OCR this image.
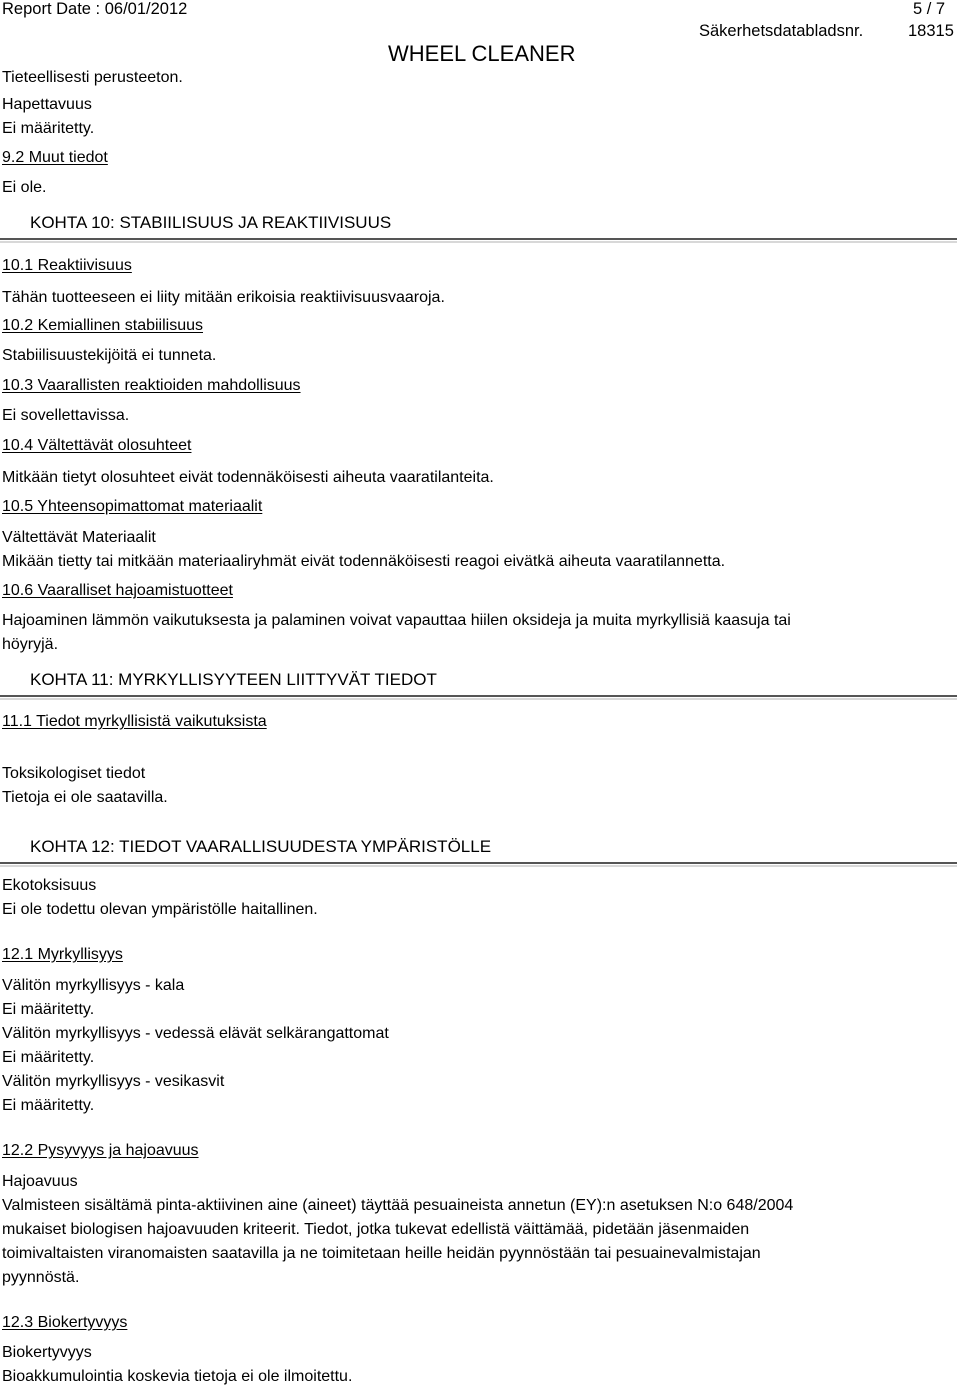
Report Date : 06/01/2012	5 / 7
WHEEL CLEANER
Säkerhetsdatabladsnr.	18315
Tieteellisesti perusteeton.
Hapettavuus
Ei määritetty.
9.2 Muut tiedot
Ei ole.
KOHTA 10: STABIILISUUS JA REAKTIIVISUUS
10.1 Reaktiivisuus
Tähän tuotteeseen ei liity mitään erikoisia reaktiivisuusvaaroja.
10.2 Kemiallinen stabiilisuus
Stabiilisuustekijöitä ei tunneta.
10.3 Vaarallisten reaktioiden mahdollisuus
Ei sovellettavissa.
10.4 Vältettävät olosuhteet
Mitkään tietyt olosuhteet eivät todennäköisesti aiheuta vaaratilanteita.
10.5 Yhteensopimattomat materiaalit
Vältettävät Materiaalit
Mikään tietty tai mitkään materiaaliryhmät eivät todennäköisesti reagoi eivätkä aiheuta vaaratilannetta.
10.6 Vaaralliset hajoamistuotteet
Hajoaminen lämmön vaikutuksesta ja palaminen voivat vapauttaa hiilen oksideja ja muita myrkyllisiä kaasuja tai
höyryjä.
KOHTA 11: MYRKYLLISYYTEEN LIITTYVÄT TIEDOT
11.1 Tiedot myrkyllisistä vaikutuksista
Toksikologiset tiedot
Tietoja ei ole saatavilla.
KOHTA 12: TIEDOT VAARALLISUUDESTA YMPÄRISTÖLLE
Ekotoksisuus
Ei ole todettu olevan ympäristölle haitallinen.
12.1 Myrkyllisyys
Välitön myrkyllisyys - kala
Ei määritetty.
Välitön myrkyllisyys - vedessä elävät selkärangattomat
Ei määritetty.
Välitön myrkyllisyys - vesikasvit
Ei määritetty.
12.2 Pysyvyys ja hajoavuus
Hajoavuus
Valmisteen sisältämä pinta-aktiivinen aine (aineet) täyttää pesuaineista annetun (EY):n asetuksen N:o 648/2004
mukaiset biologisen hajoavuuden kriteerit. Tiedot, jotka tukevat edellistä väittämää, pidetään jäsenmaiden
toimivaltaisten viranomaisten saatavilla ja ne toimitetaan heille heidän pyynnöstään tai pesuainevalmistajan
pyynnöstä.
12.3 Biokertyvyys
Biokertyvyys
Bioakkumulointia koskevia tietoja ei ole ilmoitettu.
